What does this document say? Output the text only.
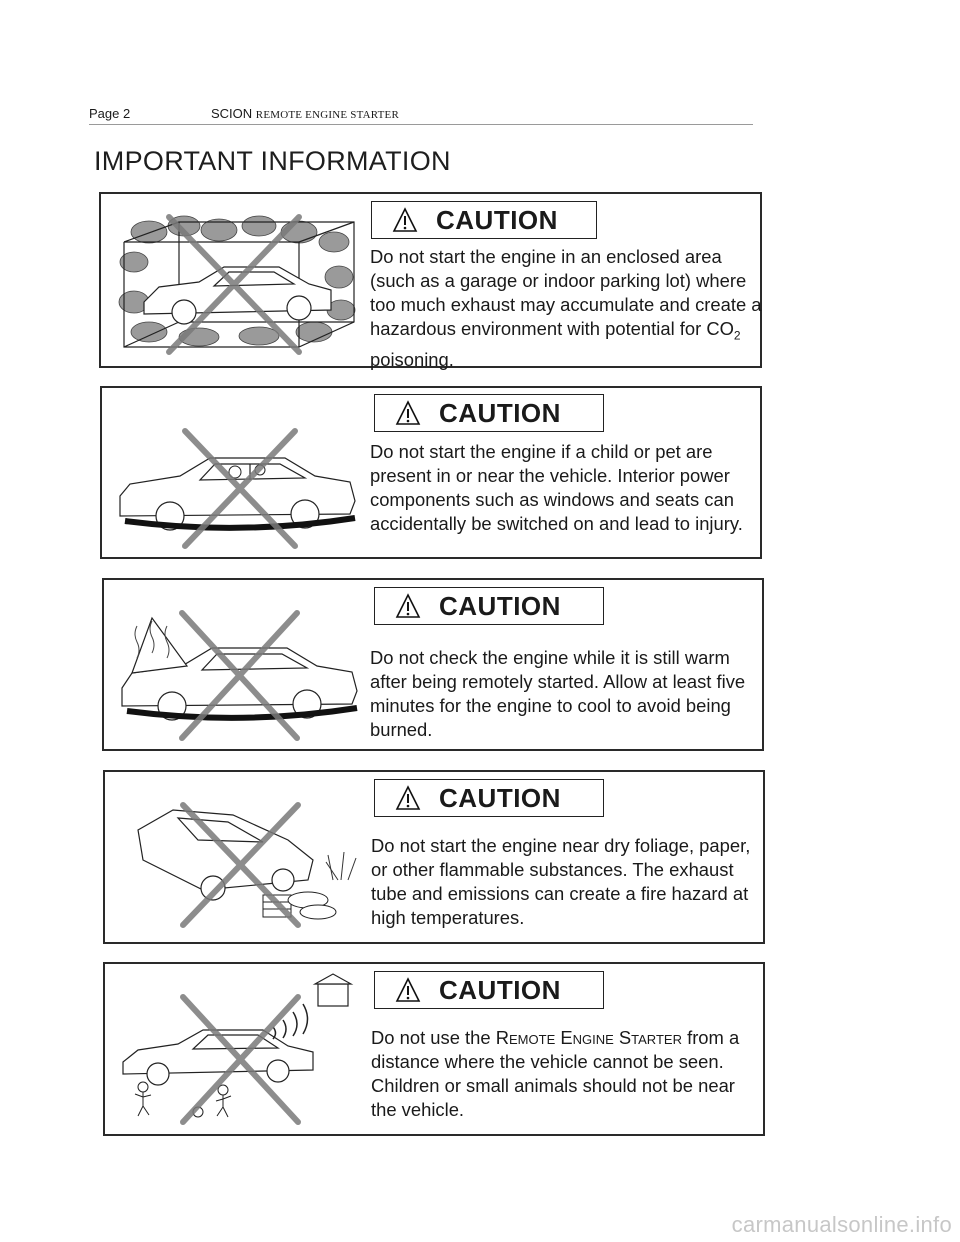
Page 2	SCION REMOTE ENGINE STARTER
IMPORTANT INFORMATION
CAUTION
Do not start the engine in an enclosed area (such as a garage or indoor parking lot) where too much exhaust may accumulate and create a hazardous environment with potential for $CO_2$ poisoning.
CAUTION
Do not start the engine if a child or pet are present in or near the vehicle. Interior power components such as windows and seats can accidentally be switched on and lead to injury.
CAUTION
Do not check the engine while it is still warm after being remotely started. Allow at least five minutes for the engine to cool to avoid being burned.
CAUTION
Do not start the engine near dry foliage, paper, or other flammable substances. The exhaust tube and emissions can create a fire hazard at high temperatures.
CAUTION
Do not use the Remote Engine Starter from a distance where the vehicle cannot be seen. Children or small animals should not be near the vehicle.
carmanualsonline.info
